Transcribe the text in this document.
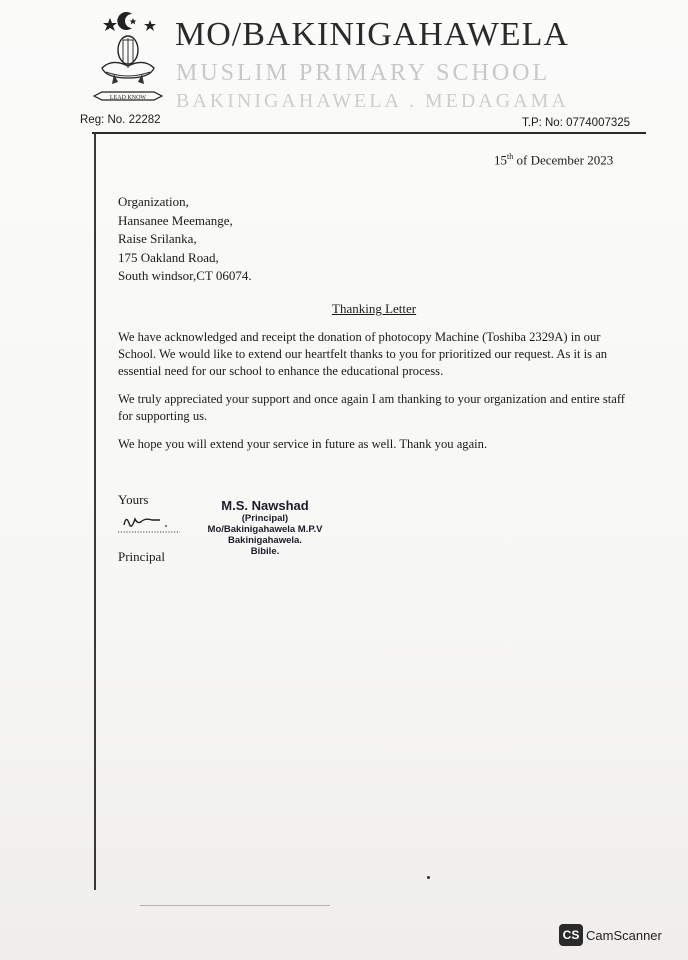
LEAD KNOW
MO/BAKINIGAHAWELA
MUSLIM PRIMARY SCHOOL
BAKINIGAHAWELA . MEDAGAMA
Reg: No. 22282	T.P: No: 0774007325
15th of December 2023
Organization,
Hansanee Meemange,
Raise Srilanka,
175 Oakland Road,
South windsor,CT 06074.
Thanking Letter
We have acknowledged and receipt the donation of photocopy Machine (Toshiba 2329A) in our School. We would like to extend our heartfelt thanks to you for prioritized our request. As it is an essential need for our school to enhance the educational process.
We truly appreciated your support and once again I am thanking to your organization and entire staff for supporting us.
We hope you will extend your service in future as well. Thank you again.
Yours
Principal
M.S. Nawshad
(Principal)
Mo/Bakinigahawela M.P.V
Bakinigahawela.
Bibile.
CS CamScanner
